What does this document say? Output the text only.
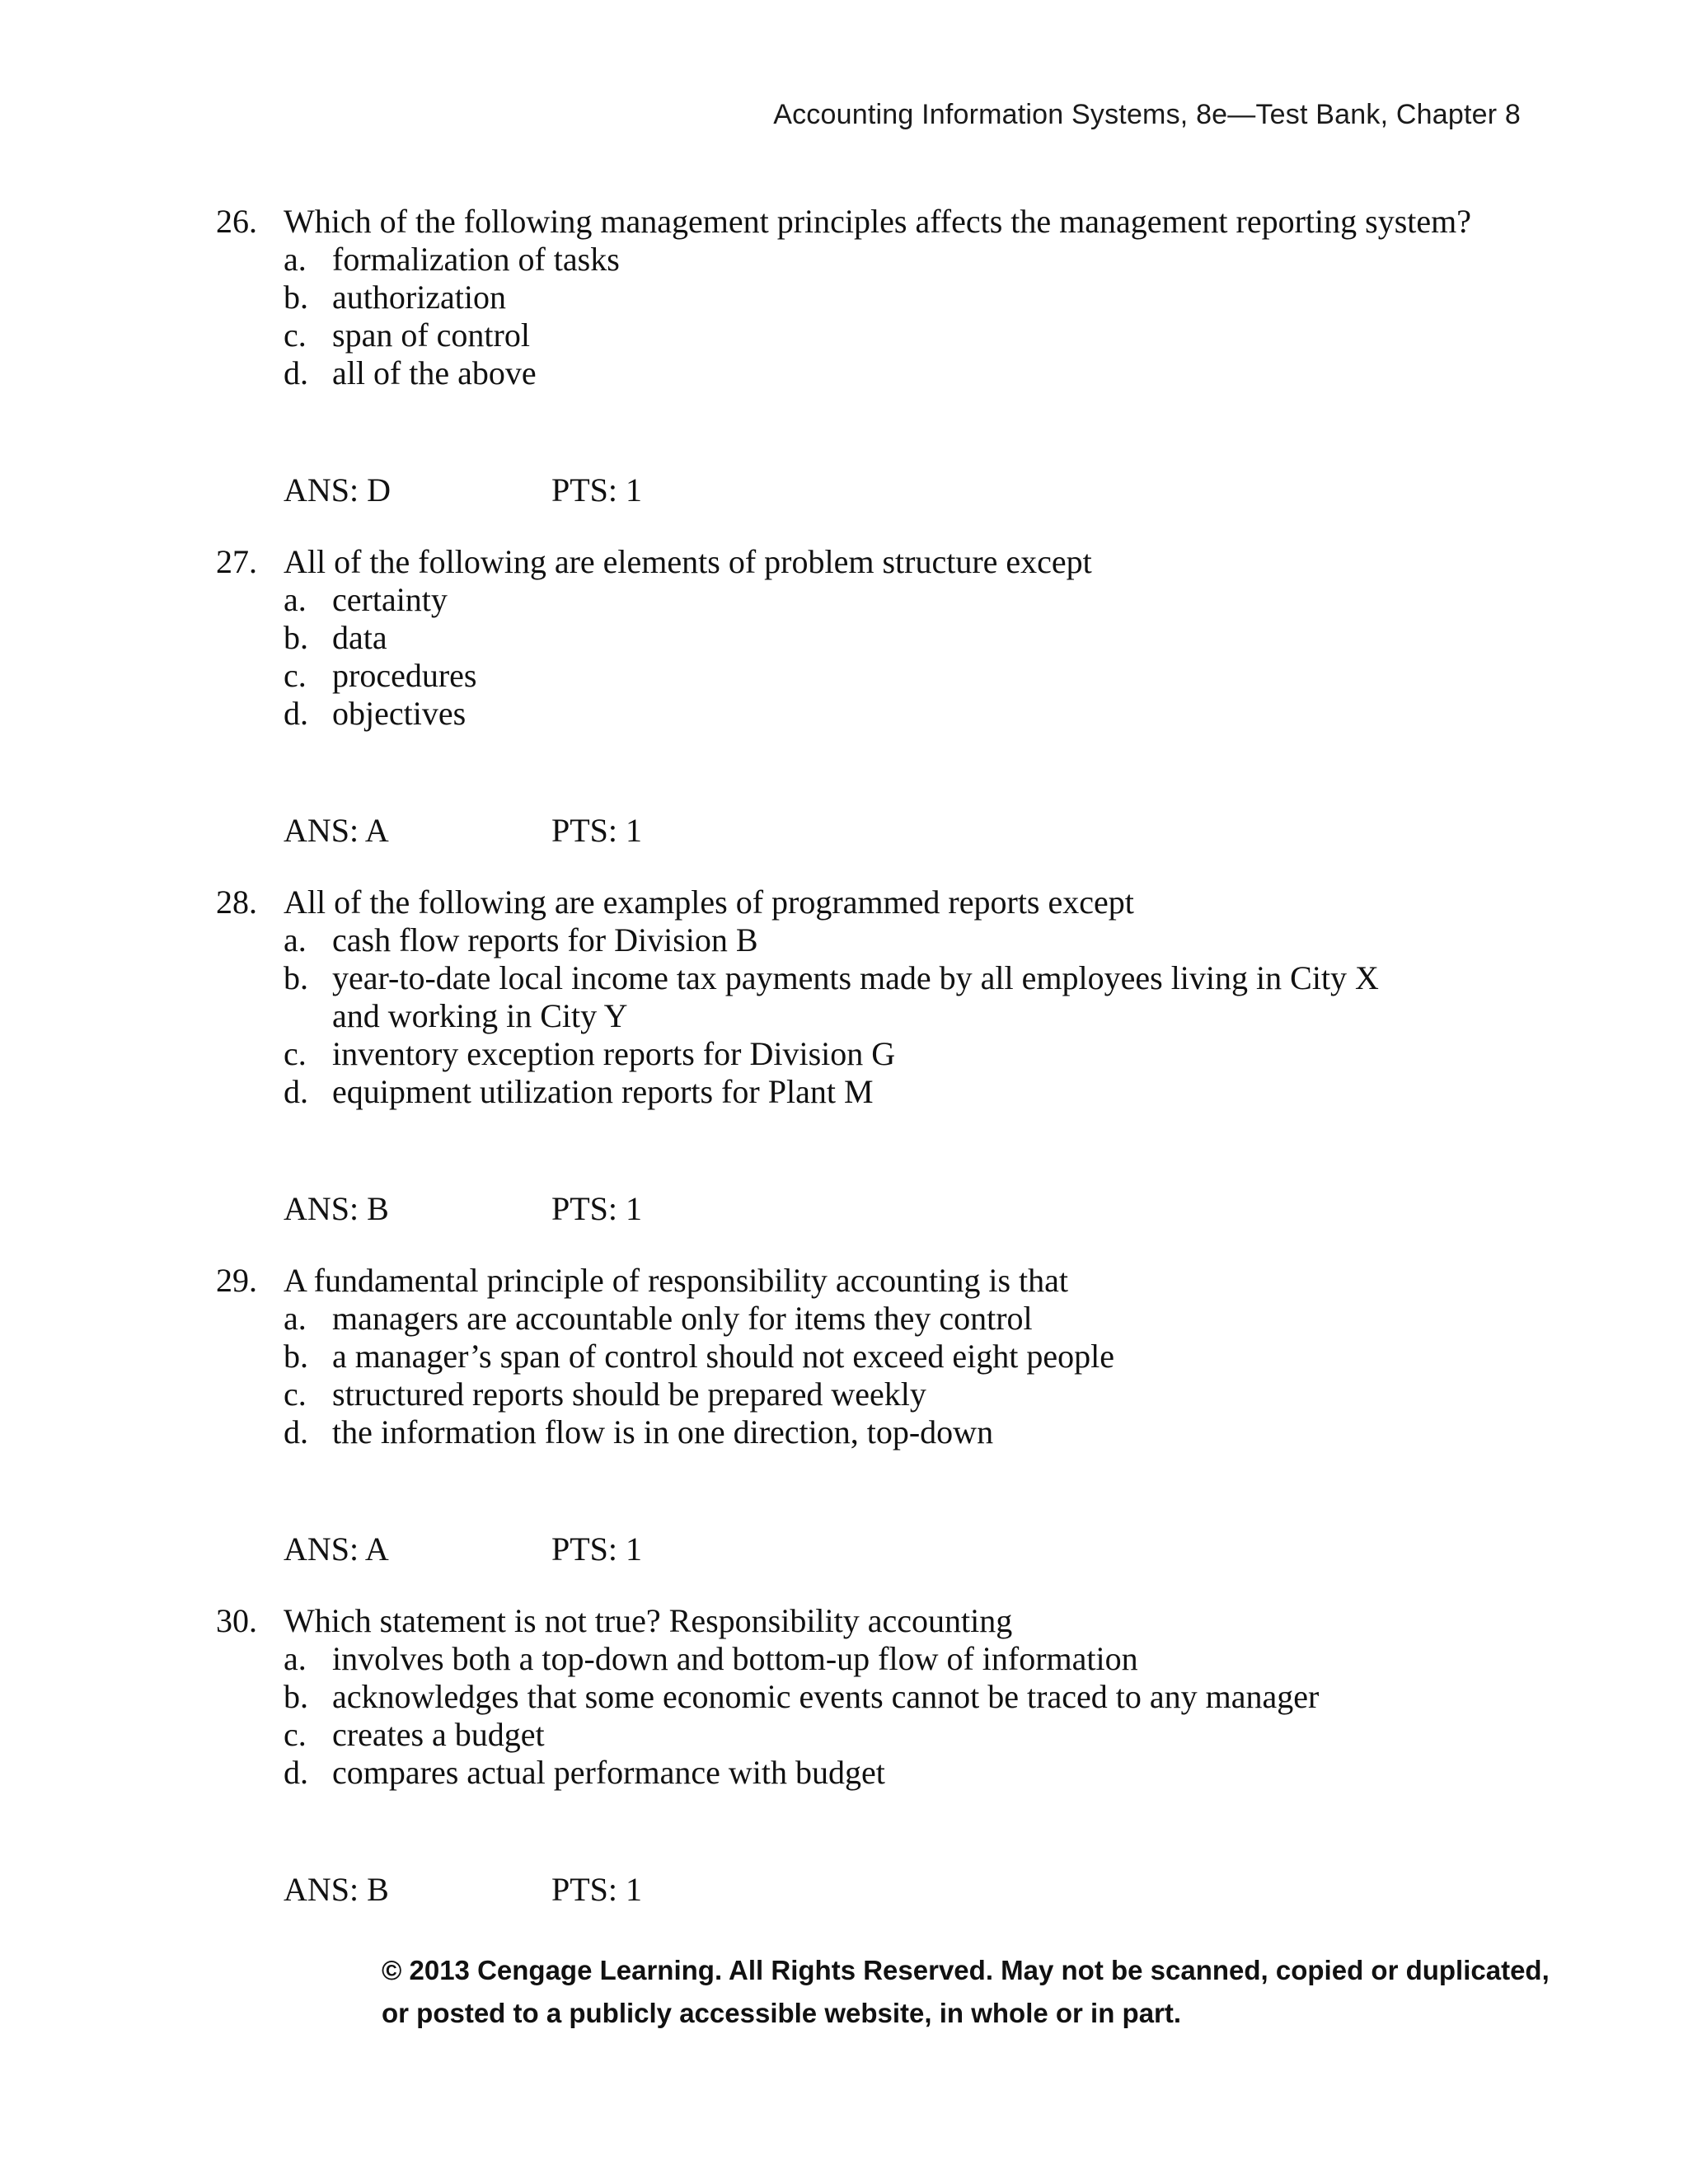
Accounting Information Systems, 8e—Test Bank, Chapter 8
26. Which of the following management principles affects the management reporting system?
a. formalization of tasks
b. authorization
c. span of control
d. all of the above
ANS: D	PTS: 1
27. All of the following are elements of problem structure except
a. certainty
b. data
c. procedures
d. objectives
ANS: A	PTS: 1
28. All of the following are examples of programmed reports except
a. cash flow reports for Division B
b. year-to-date local income tax payments made by all employees living in City X
and working in City Y
c. inventory exception reports for Division G
d. equipment utilization reports for Plant M
ANS: B	PTS: 1
29. A fundamental principle of responsibility accounting is that
a. managers are accountable only for items they control
b. a manager’s span of control should not exceed eight people
c. structured reports should be prepared weekly
d. the information flow is in one direction, top-down
ANS: A	PTS: 1
30. Which statement is not true? Responsibility accounting
a. involves both a top-down and bottom-up flow of information
b. acknowledges that some economic events cannot be traced to any manager
c. creates a budget
d. compares actual performance with budget
ANS: B	PTS: 1
© 2013 Cengage Learning. All Rights Reserved. May not be scanned, copied or duplicated,
or posted to a publicly accessible website, in whole or in part.
